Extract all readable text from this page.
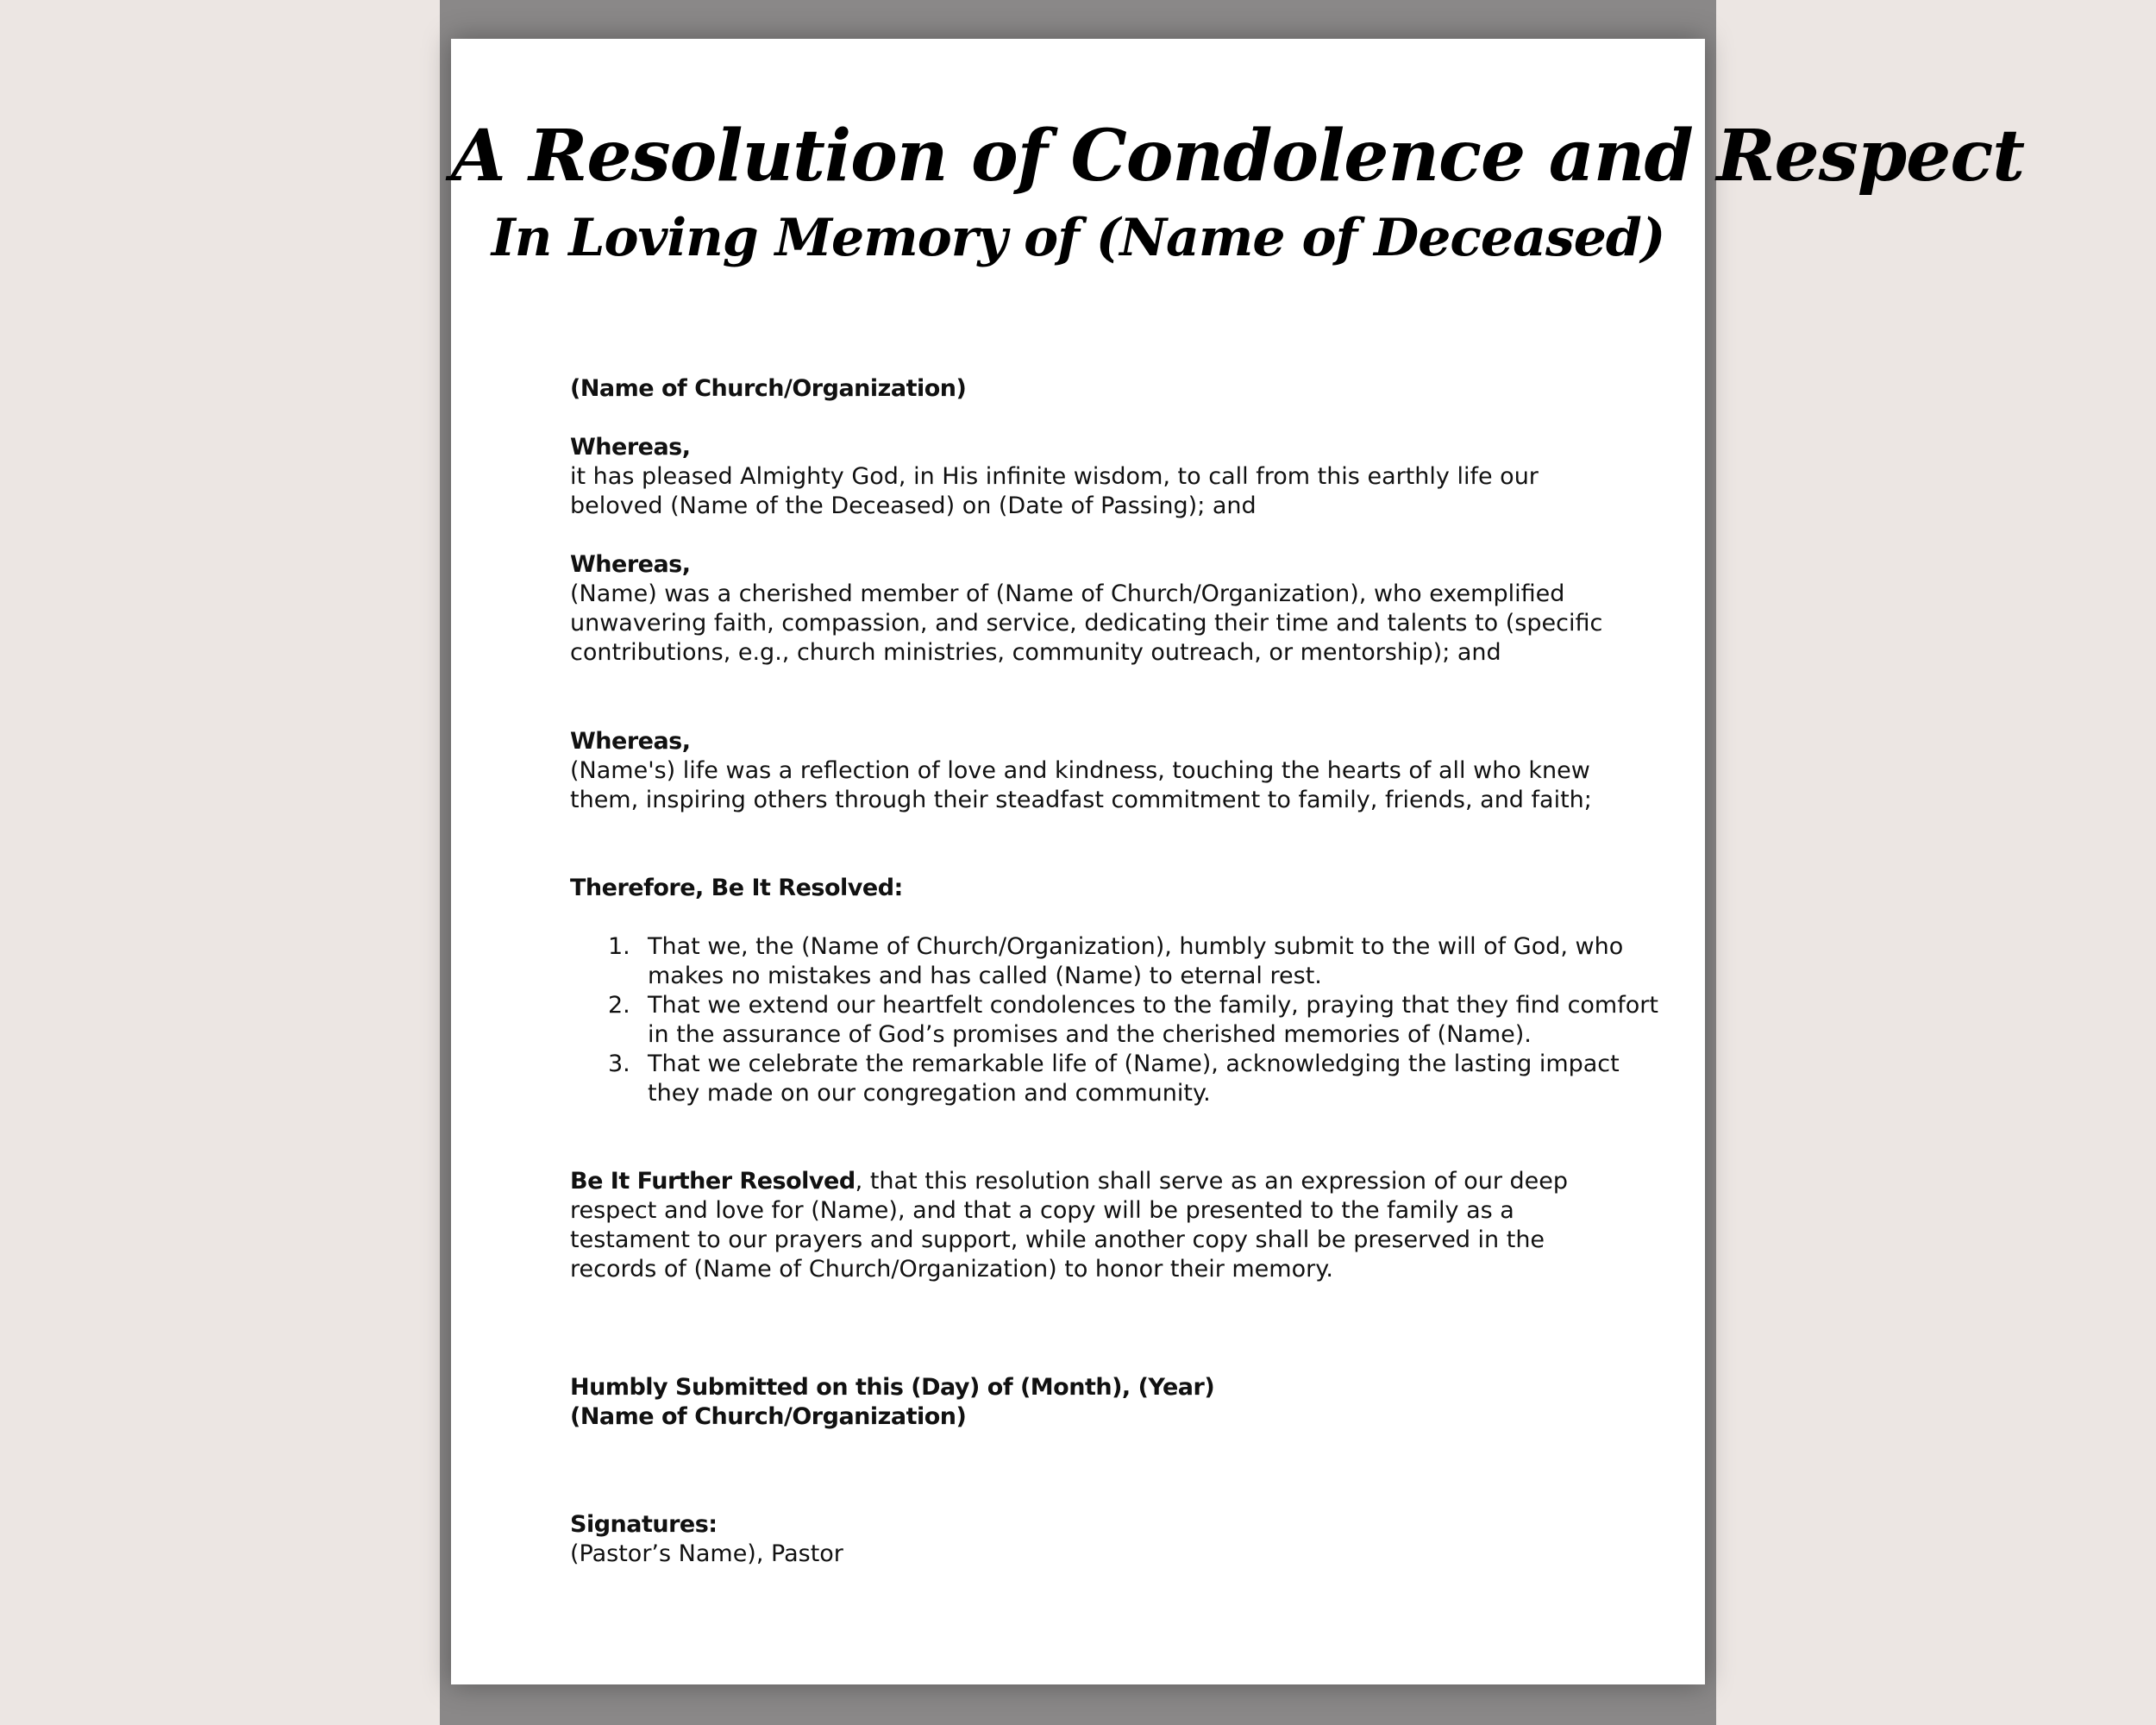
A Resolution of Condolence and Respect
In Loving Memory of (Name of Deceased)

(Name of Church/Organization)

Whereas,

it has pleased Almighty God, in His infinite wisdom, to call from this earthly life our beloved (Name of the Deceased) on (Date of Passing); and

Whereas,

(Name) was a cherished member of (Name of Church/Organization), who exemplified unwavering faith, compassion, and service, dedicating their time and talents to (specific contributions, e.g., church ministries, community outreach, or mentorship); and

Whereas,

(Name's) life was a reflection of love and kindness, touching the hearts of all who knew them, inspiring others through their steadfast commitment to family, friends, and faith;

Therefore, Be It Resolved:

1. That we, the (Name of Church/Organization), humbly submit to the will of God, who makes no mistakes and has called (Name) to eternal rest.
2. That we extend our heartfelt condolences to the family, praying that they find comfort in the assurance of God’s promises and the cherished memories of (Name).
3. That we celebrate the remarkable life of (Name), acknowledging the lasting impact they made on our congregation and community.

Be It Further Resolved, that this resolution shall serve as an expression of our deep respect and love for (Name), and that a copy will be presented to the family as a testament to our prayers and support, while another copy shall be preserved in the records of (Name of Church/Organization) to honor their memory.

Humbly Submitted on this (Day) of (Month), (Year)

(Name of Church/Organization)

Signatures:

(Pastor’s Name), Pastor
